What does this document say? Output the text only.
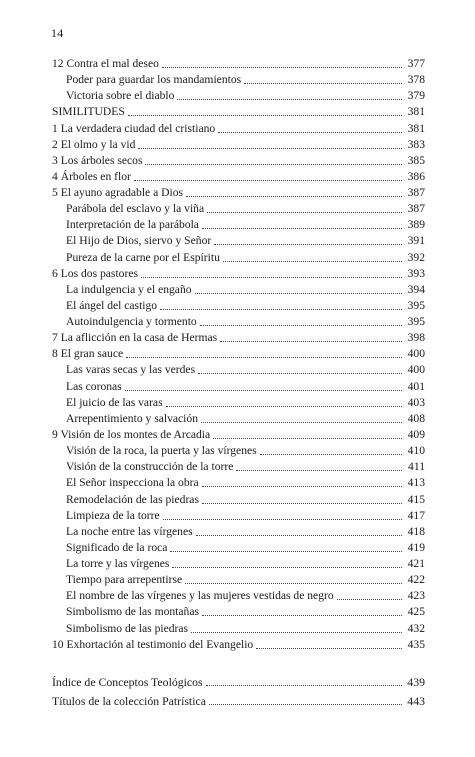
14
12 Contra el mal deseo	377
Poder para guardar los mandamientos	378
Victoria sobre el diablo	379
SIMILITUDES	381
1 La verdadera ciudad del cristiano	381
2 El olmo y la vid	383
3 Los árboles secos	385
4 Árboles en flor	386
5 El ayuno agradable a Dios	387
Parábola del esclavo y la viña	387
Interpretación de la parábola	389
El Hijo de Dios, siervo y Señor	391
Pureza de la carne por el Espíritu	392
6 Los dos pastores	393
La indulgencia y el engaño	394
El ángel del castigo	395
Autoindulgencia y tormento	395
7 La aflicción en la casa de Hermas	398
8 El gran sauce	400
Las varas secas y las verdes	400
Las coronas	401
El juicio de las varas	403
Arrepentimiento y salvación	408
9 Visión de los montes de Arcadia	409
Visión de la roca, la puerta y las vírgenes	410
Visión de la construcción de la torre	411
El Señor inspecciona la obra	413
Remodelación de las piedras	415
Limpieza de la torre	417
La noche entre las vírgenes	418
Significado de la roca	419
La torre y las vírgenes	421
Tiempo para arrepentirse	422
El nombre de las vírgenes y las mujeres vestidas de negro	423
Simbolismo de las montañas	425
Simbolismo de las piedras	432
10 Exhortación al testimonio del Evangelio	435
Índice de Conceptos Teológicos	439
Títulos de la colección Patrística	443
